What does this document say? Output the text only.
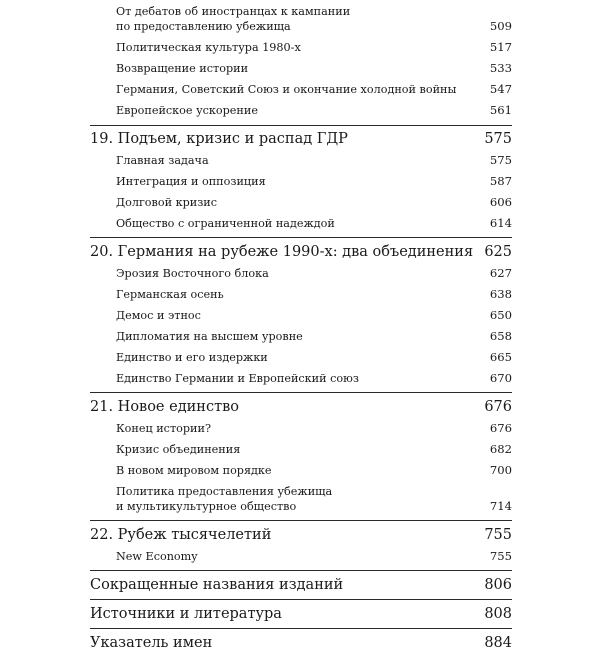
От дебатов об иностранцах к кампании
по предоставлению убежища	509
Политическая культура 1980-х	517
Возвращение истории	533
Германия, Советский Союз и окончание холодной войны	547
Европейское ускорение	561
19. Подъем, кризис и распад ГДР	575
Главная задача	575
Интеграция и оппозиция	587
Долговой кризис	606
Общество с ограниченной надеждой	614
20. Германия на рубеже 1990-х: два объединения 625
Эрозия Восточного блока	627
Германская осень	638
Демос и этнос	650
Дипломатия на высшем уровне	658
Единство и его издержки	665
Единство Германии и Европейский союз	670
21. Новое единство	676
Конец истории?	676
Кризис объединения	682
В новом мировом порядке	700
Политика предоставления убежища
и мультикультурное общество	714
22. Рубеж тысячелетий	755
New Economy	755
Сокращенные названия изданий	806
Источники и литература	808
Указатель имен	884
